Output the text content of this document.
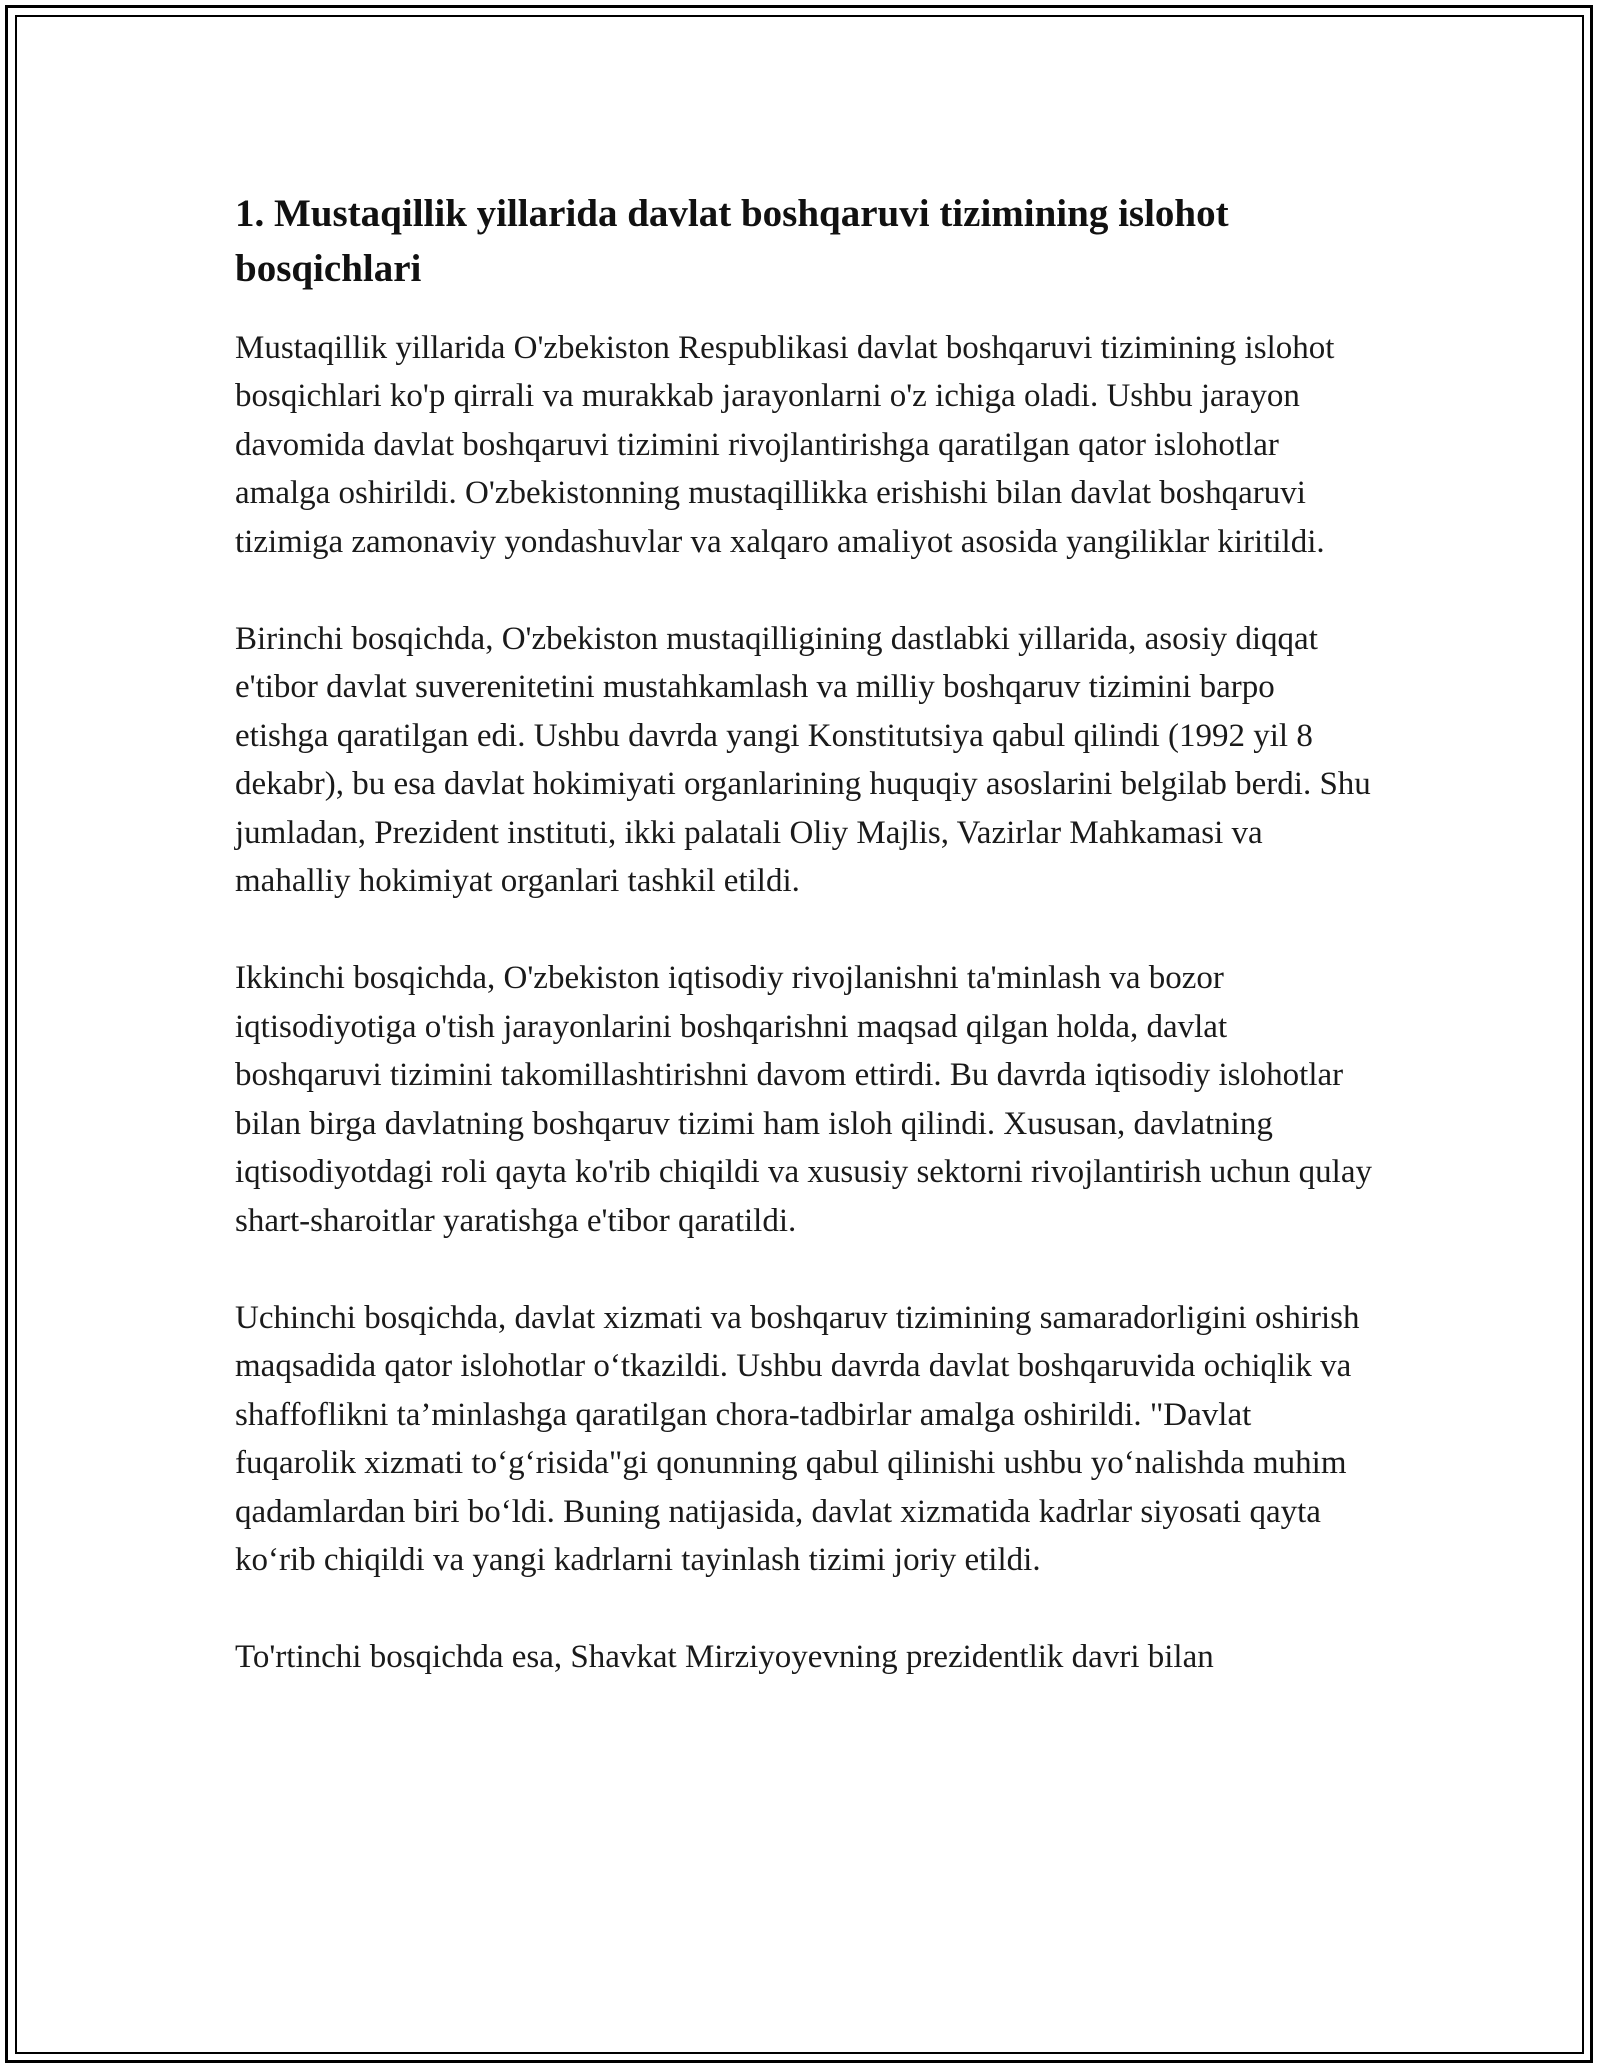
1. Mustaqillik yillarida davlat boshqaruvi tizimining islohot bosqichlari

Mustaqillik yillarida O'zbekiston Respublikasi davlat boshqaruvi tizimining islohot bosqichlari ko'p qirrali va murakkab jarayonlarni o'z ichiga oladi. Ushbu jarayon davomida davlat boshqaruvi tizimini rivojlantirishga qaratilgan qator islohotlar amalga oshirildi. O'zbekistonning mustaqillikka erishishi bilan davlat boshqaruvi tizimiga zamonaviy yondashuvlar va xalqaro amaliyot asosida yangiliklar kiritildi.

Birinchi bosqichda, O'zbekiston mustaqilligining dastlabki yillarida, asosiy diqqat e'tibor davlat suverenitetini mustahkamlash va milliy boshqaruv tizimini barpo etishga qaratilgan edi. Ushbu davrda yangi Konstitutsiya qabul qilindi (1992 yil 8 dekabr), bu esa davlat hokimiyati organlarining huquqiy asoslarini belgilab berdi. Shu jumladan, Prezident instituti, ikki palatali Oliy Majlis, Vazirlar Mahkamasi va mahalliy hokimiyat organlari tashkil etildi.

Ikkinchi bosqichda, O'zbekiston iqtisodiy rivojlanishni ta'minlash va bozor iqtisodiyotiga o'tish jarayonlarini boshqarishni maqsad qilgan holda, davlat boshqaruvi tizimini takomillashtirishni davom ettirdi. Bu davrda iqtisodiy islohotlar bilan birga davlatning boshqaruv tizimi ham isloh qilindi. Xususan, davlatning iqtisodiyotdagi roli qayta ko'rib chiqildi va xususiy sektorni rivojlantirish uchun qulay shart-sharoitlar yaratishga e'tibor qaratildi.

Uchinchi bosqichda, davlat xizmati va boshqaruv tizimining samaradorligini oshirish maqsadida qator islohotlar o‘tkazildi. Ushbu davrda davlat boshqaruvida ochiqlik va shaffoflikni ta’minlashga qaratilgan chora-tadbirlar amalga oshirildi. "Davlat fuqarolik xizmati to‘g‘risida"gi qonunning qabul qilinishi ushbu yo‘nalishda muhim qadamlardan biri bo‘ldi. Buning natijasida, davlat xizmatida kadrlar siyosati qayta ko‘rib chiqildi va yangi kadrlarni tayinlash tizimi joriy etildi.

To'rtinchi bosqichda esa, Shavkat Mirziyoyevning prezidentlik davri bilan
